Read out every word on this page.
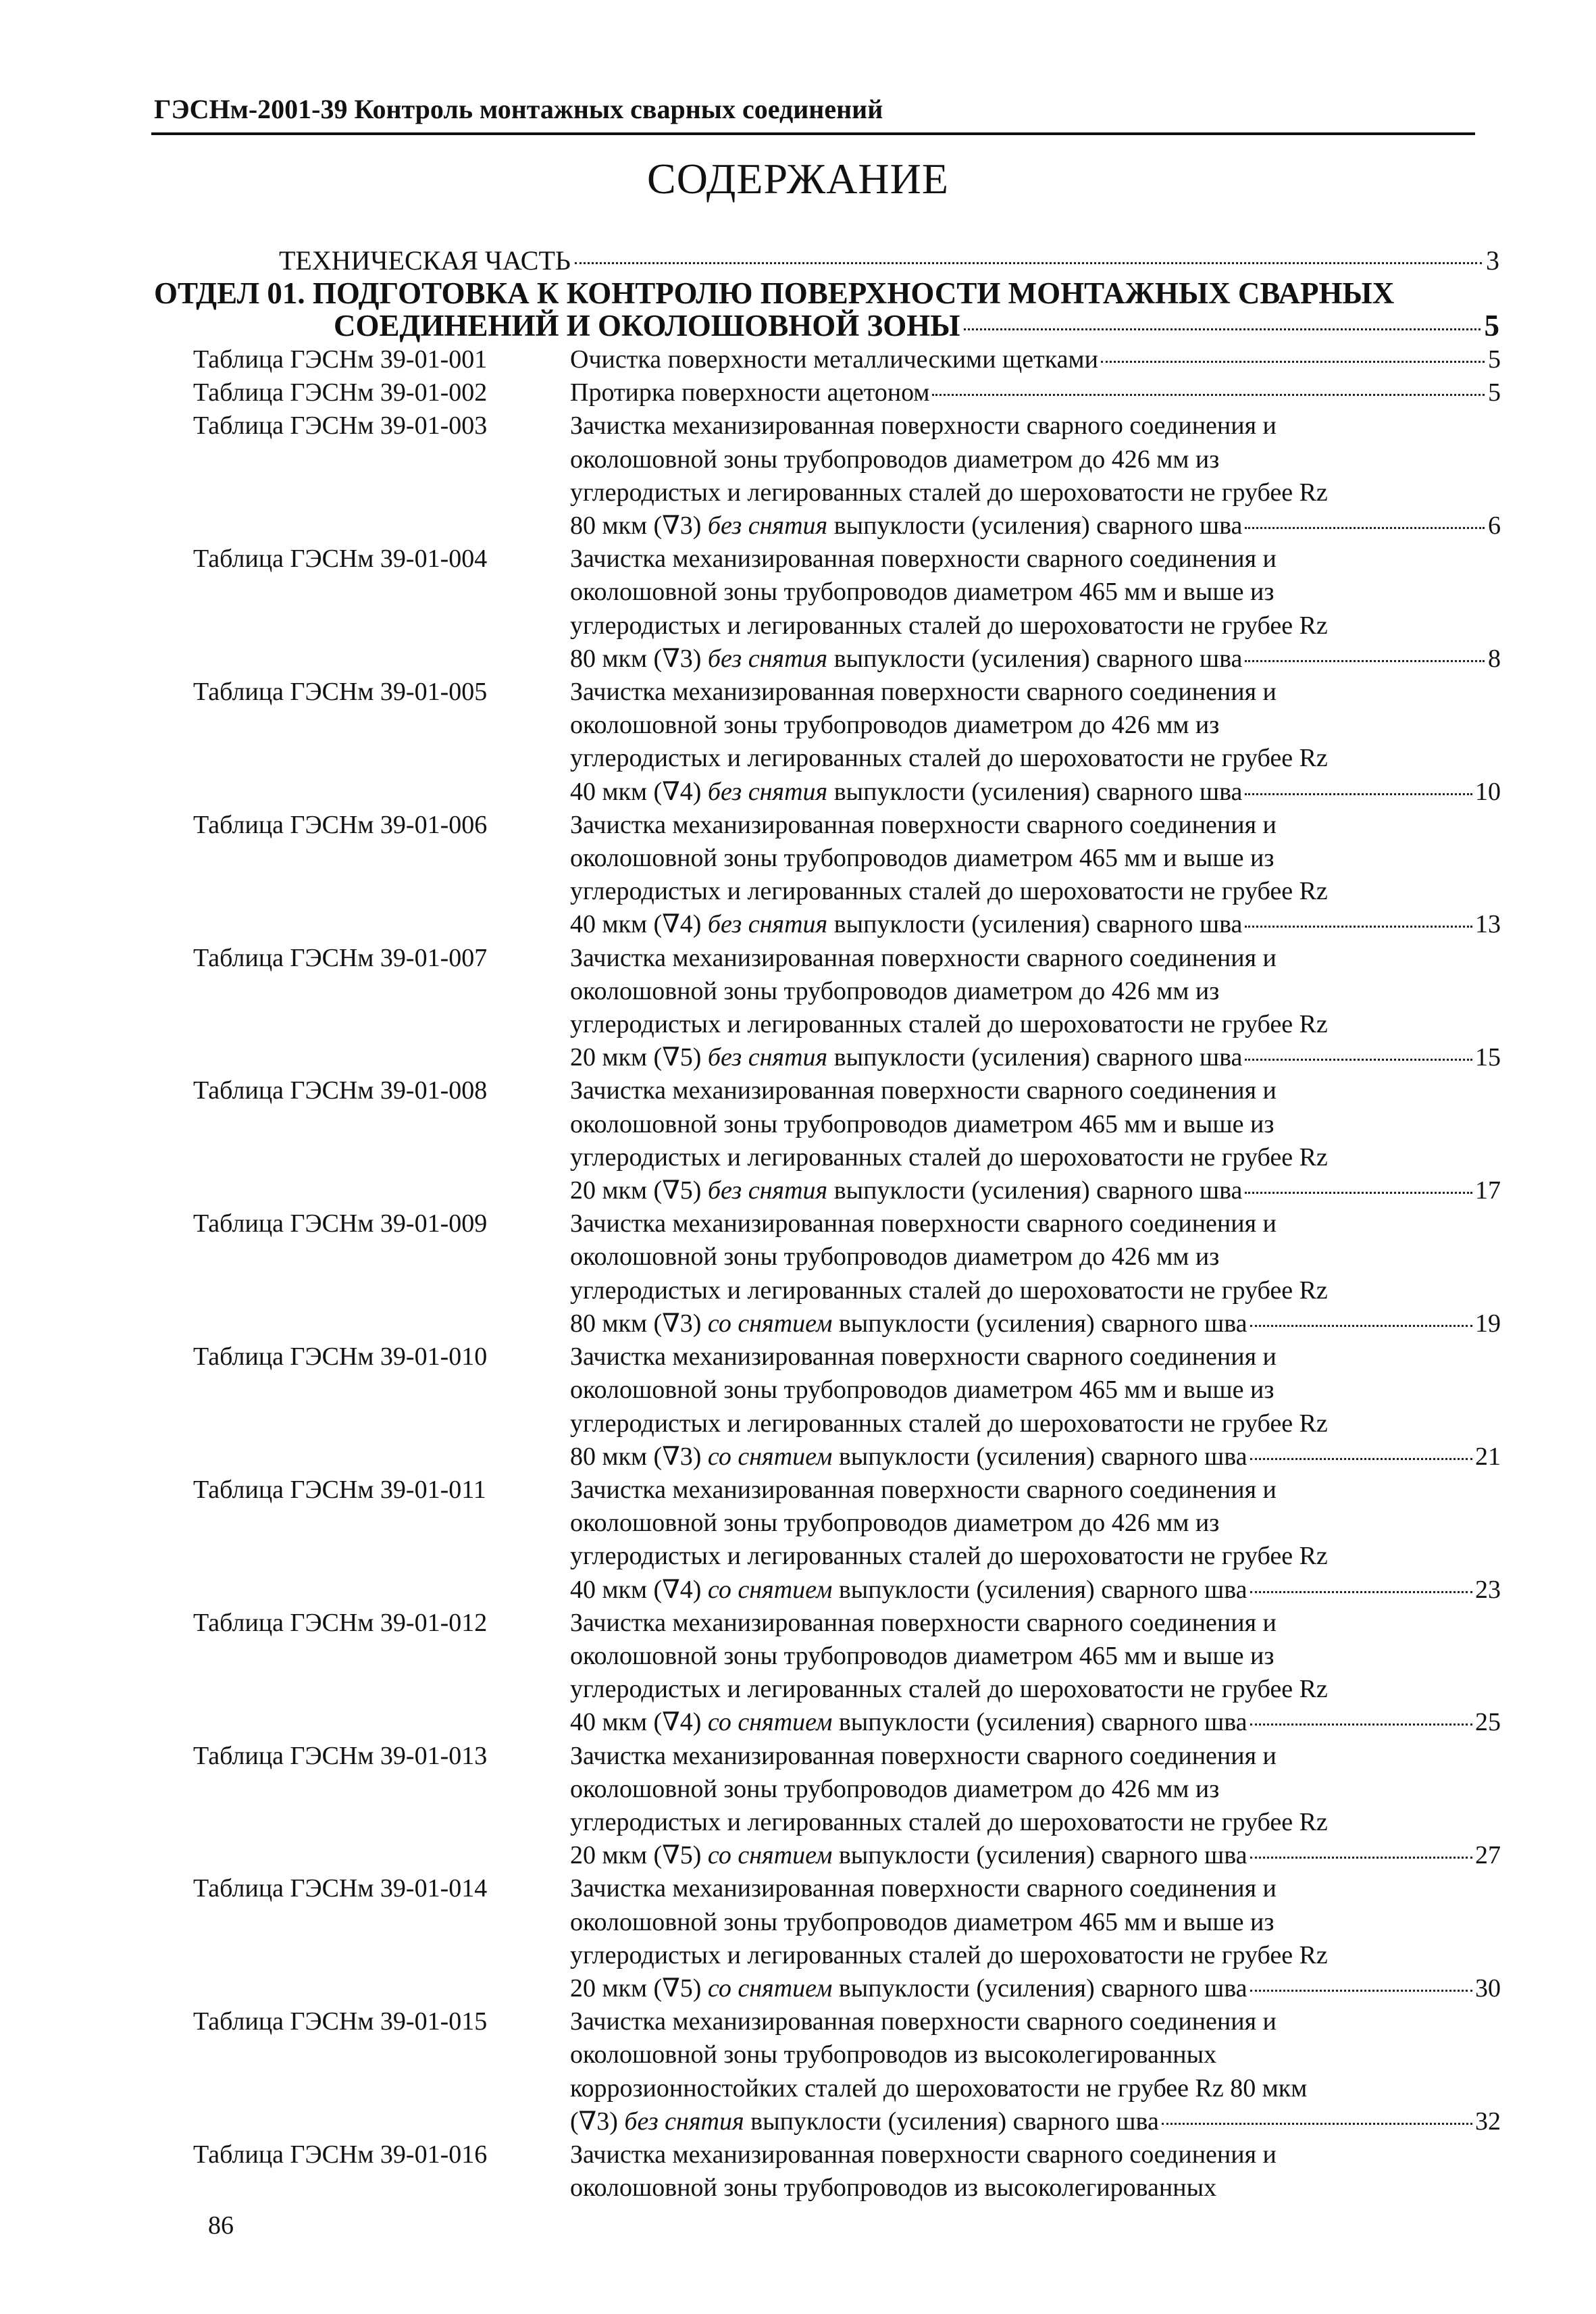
ГЭСНм-2001-39 Контроль монтажных сварных соединений
СОДЕРЖАНИЕ
ТЕХНИЧЕСКАЯ ЧАСТЬ	3
ОТДЕЛ 01. ПОДГОТОВКА К КОНТРОЛЮ ПОВЕРХНОСТИ МОНТАЖНЫХ СВАРНЫХ
СОЕДИНЕНИЙ И ОКОЛОШОВНОЙ ЗОНЫ	5
Таблица ГЭСНм 39-01-001	Очистка поверхности металлическими щетками	5
Таблица ГЭСНм 39-01-002	Протирка поверхности ацетоном	5
Таблица ГЭСНм 39-01-003	Зачистка механизированная поверхности сварного соединения и
околошовной зоны трубопроводов диаметром до 426 мм из
углеродистых и легированных сталей до шероховатости не грубее Rz
80 мкм (∇3) без снятия выпуклости (усиления) сварного шва	6
Таблица ГЭСНм 39-01-004	Зачистка механизированная поверхности сварного соединения и
околошовной зоны трубопроводов диаметром 465 мм и выше из
углеродистых и легированных сталей до шероховатости не грубее Rz
80 мкм (∇3) без снятия выпуклости (усиления) сварного шва	8
Таблица ГЭСНм 39-01-005	Зачистка механизированная поверхности сварного соединения и
околошовной зоны трубопроводов диаметром до 426 мм из
углеродистых и легированных сталей до шероховатости не грубее Rz
40 мкм (∇4) без снятия выпуклости (усиления) сварного шва	10
Таблица ГЭСНм 39-01-006	Зачистка механизированная поверхности сварного соединения и
околошовной зоны трубопроводов диаметром 465 мм и выше из
углеродистых и легированных сталей до шероховатости не грубее Rz
40 мкм (∇4) без снятия выпуклости (усиления) сварного шва	13
Таблица ГЭСНм 39-01-007	Зачистка механизированная поверхности сварного соединения и
околошовной зоны трубопроводов диаметром до 426 мм из
углеродистых и легированных сталей до шероховатости не грубее Rz
20 мкм (∇5) без снятия выпуклости (усиления) сварного шва	15
Таблица ГЭСНм 39-01-008	Зачистка механизированная поверхности сварного соединения и
околошовной зоны трубопроводов диаметром 465 мм и выше из
углеродистых и легированных сталей до шероховатости не грубее Rz
20 мкм (∇5) без снятия выпуклости (усиления) сварного шва	17
Таблица ГЭСНм 39-01-009	Зачистка механизированная поверхности сварного соединения и
околошовной зоны трубопроводов диаметром до 426 мм из
углеродистых и легированных сталей до шероховатости не грубее Rz
80 мкм (∇3) со снятием выпуклости (усиления) сварного шва	19
Таблица ГЭСНм 39-01-010	Зачистка механизированная поверхности сварного соединения и
околошовной зоны трубопроводов диаметром 465 мм и выше из
углеродистых и легированных сталей до шероховатости не грубее Rz
80 мкм (∇3) со снятием выпуклости (усиления) сварного шва	21
Таблица ГЭСНм 39-01-011	Зачистка механизированная поверхности сварного соединения и
околошовной зоны трубопроводов диаметром до 426 мм из
углеродистых и легированных сталей до шероховатости не грубее Rz
40 мкм (∇4) со снятием выпуклости (усиления) сварного шва	23
Таблица ГЭСНм 39-01-012	Зачистка механизированная поверхности сварного соединения и
околошовной зоны трубопроводов диаметром 465 мм и выше из
углеродистых и легированных сталей до шероховатости не грубее Rz
40 мкм (∇4) со снятием выпуклости (усиления) сварного шва	25
Таблица ГЭСНм 39-01-013	Зачистка механизированная поверхности сварного соединения и
околошовной зоны трубопроводов диаметром до 426 мм из
углеродистых и легированных сталей до шероховатости не грубее Rz
20 мкм (∇5) со снятием выпуклости (усиления) сварного шва	27
Таблица ГЭСНм 39-01-014	Зачистка механизированная поверхности сварного соединения и
околошовной зоны трубопроводов диаметром 465 мм и выше из
углеродистых и легированных сталей до шероховатости не грубее Rz
20 мкм (∇5) со снятием выпуклости (усиления) сварного шва	30
Таблица ГЭСНм 39-01-015	Зачистка механизированная поверхности сварного соединения и
околошовной зоны трубопроводов из высоколегированных
коррозионностойких сталей до шероховатости не грубее Rz 80 мкм
(∇3) без снятия выпуклости (усиления) сварного шва	32
Таблица ГЭСНм 39-01-016	Зачистка механизированная поверхности сварного соединения и
околошовной зоны трубопроводов из высоколегированных
86
